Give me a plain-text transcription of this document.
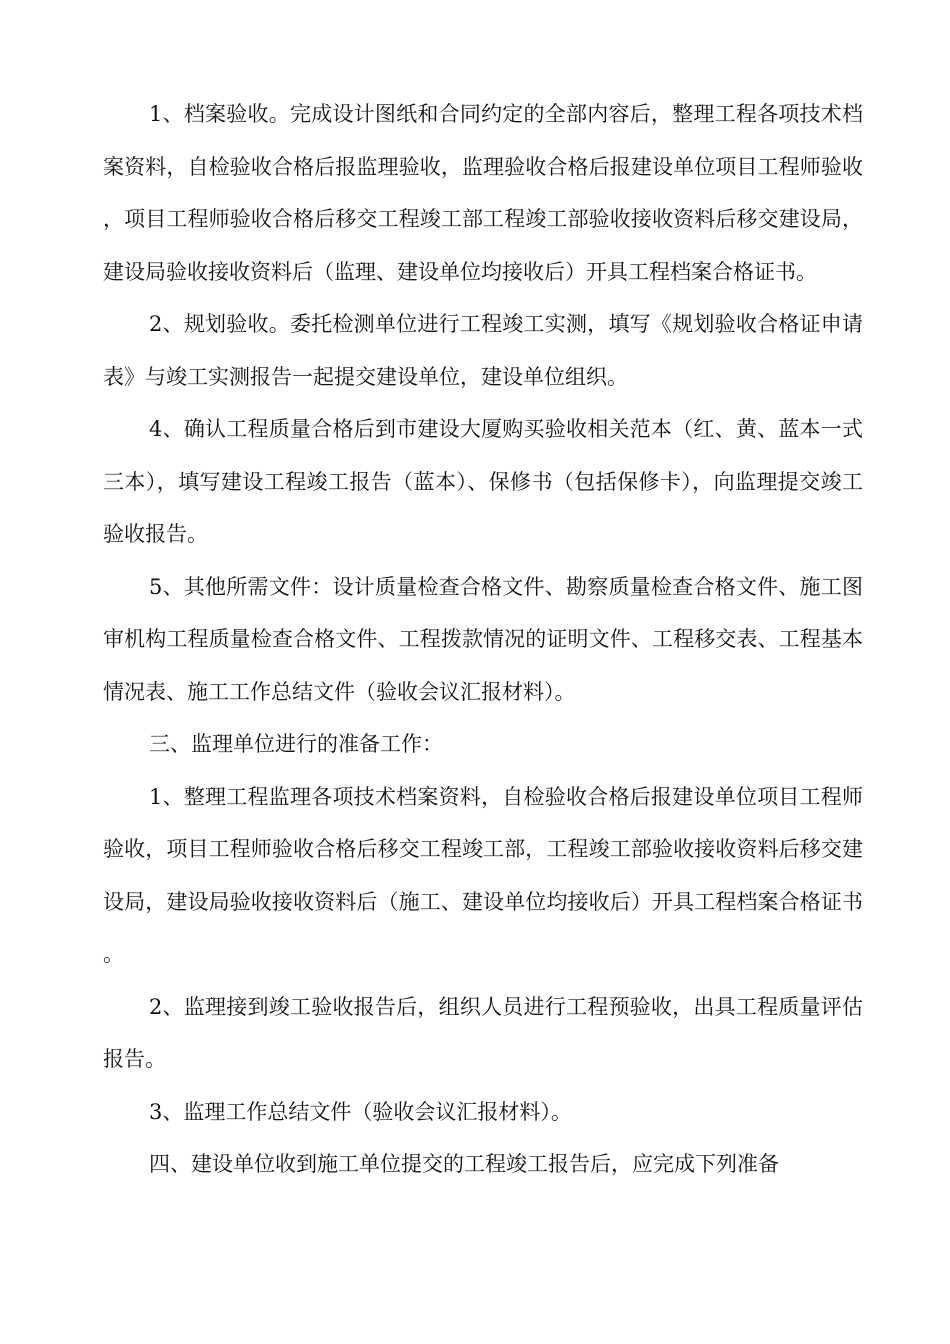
1、档案验收。完成设计图纸和合同约定的全部内容后，整理工程各项技术档案资料，自检验收合格后报监理验收，监理验收合格后报建设单位项目工程师验收，项目工程师验收合格后移交工程竣工部工程竣工部验收接收资料后移交建设局，建设局验收接收资料后（监理、建设单位均接收后）开具工程档案合格证书。

2、规划验收。委托检测单位进行工程竣工实测，填写《规划验收合格证申请表》与竣工实测报告一起提交建设单位，建设单位组织。

4、确认工程质量合格后到市建设大厦购买验收相关范本（红、黄、蓝本一式三本），填写建设工程竣工报告（蓝本）、保修书（包括保修卡），向监理提交竣工验收报告。

5、其他所需文件：设计质量检查合格文件、勘察质量检查合格文件、施工图审机构工程质量检查合格文件、工程拨款情况的证明文件、工程移交表、工程基本情况表、施工工作总结文件（验收会议汇报材料）。

三、监理单位进行的准备工作：

1、整理工程监理各项技术档案资料，自检验收合格后报建设单位项目工程师验收，项目工程师验收合格后移交工程竣工部，工程竣工部验收接收资料后移交建设局，建设局验收接收资料后（施工、建设单位均接收后）开具工程档案合格证书。

2、监理接到竣工验收报告后，组织人员进行工程预验收，出具工程质量评估报告。

3、监理工作总结文件（验收会议汇报材料）。

四、建设单位收到施工单位提交的工程竣工报告后，应完成下列准备
